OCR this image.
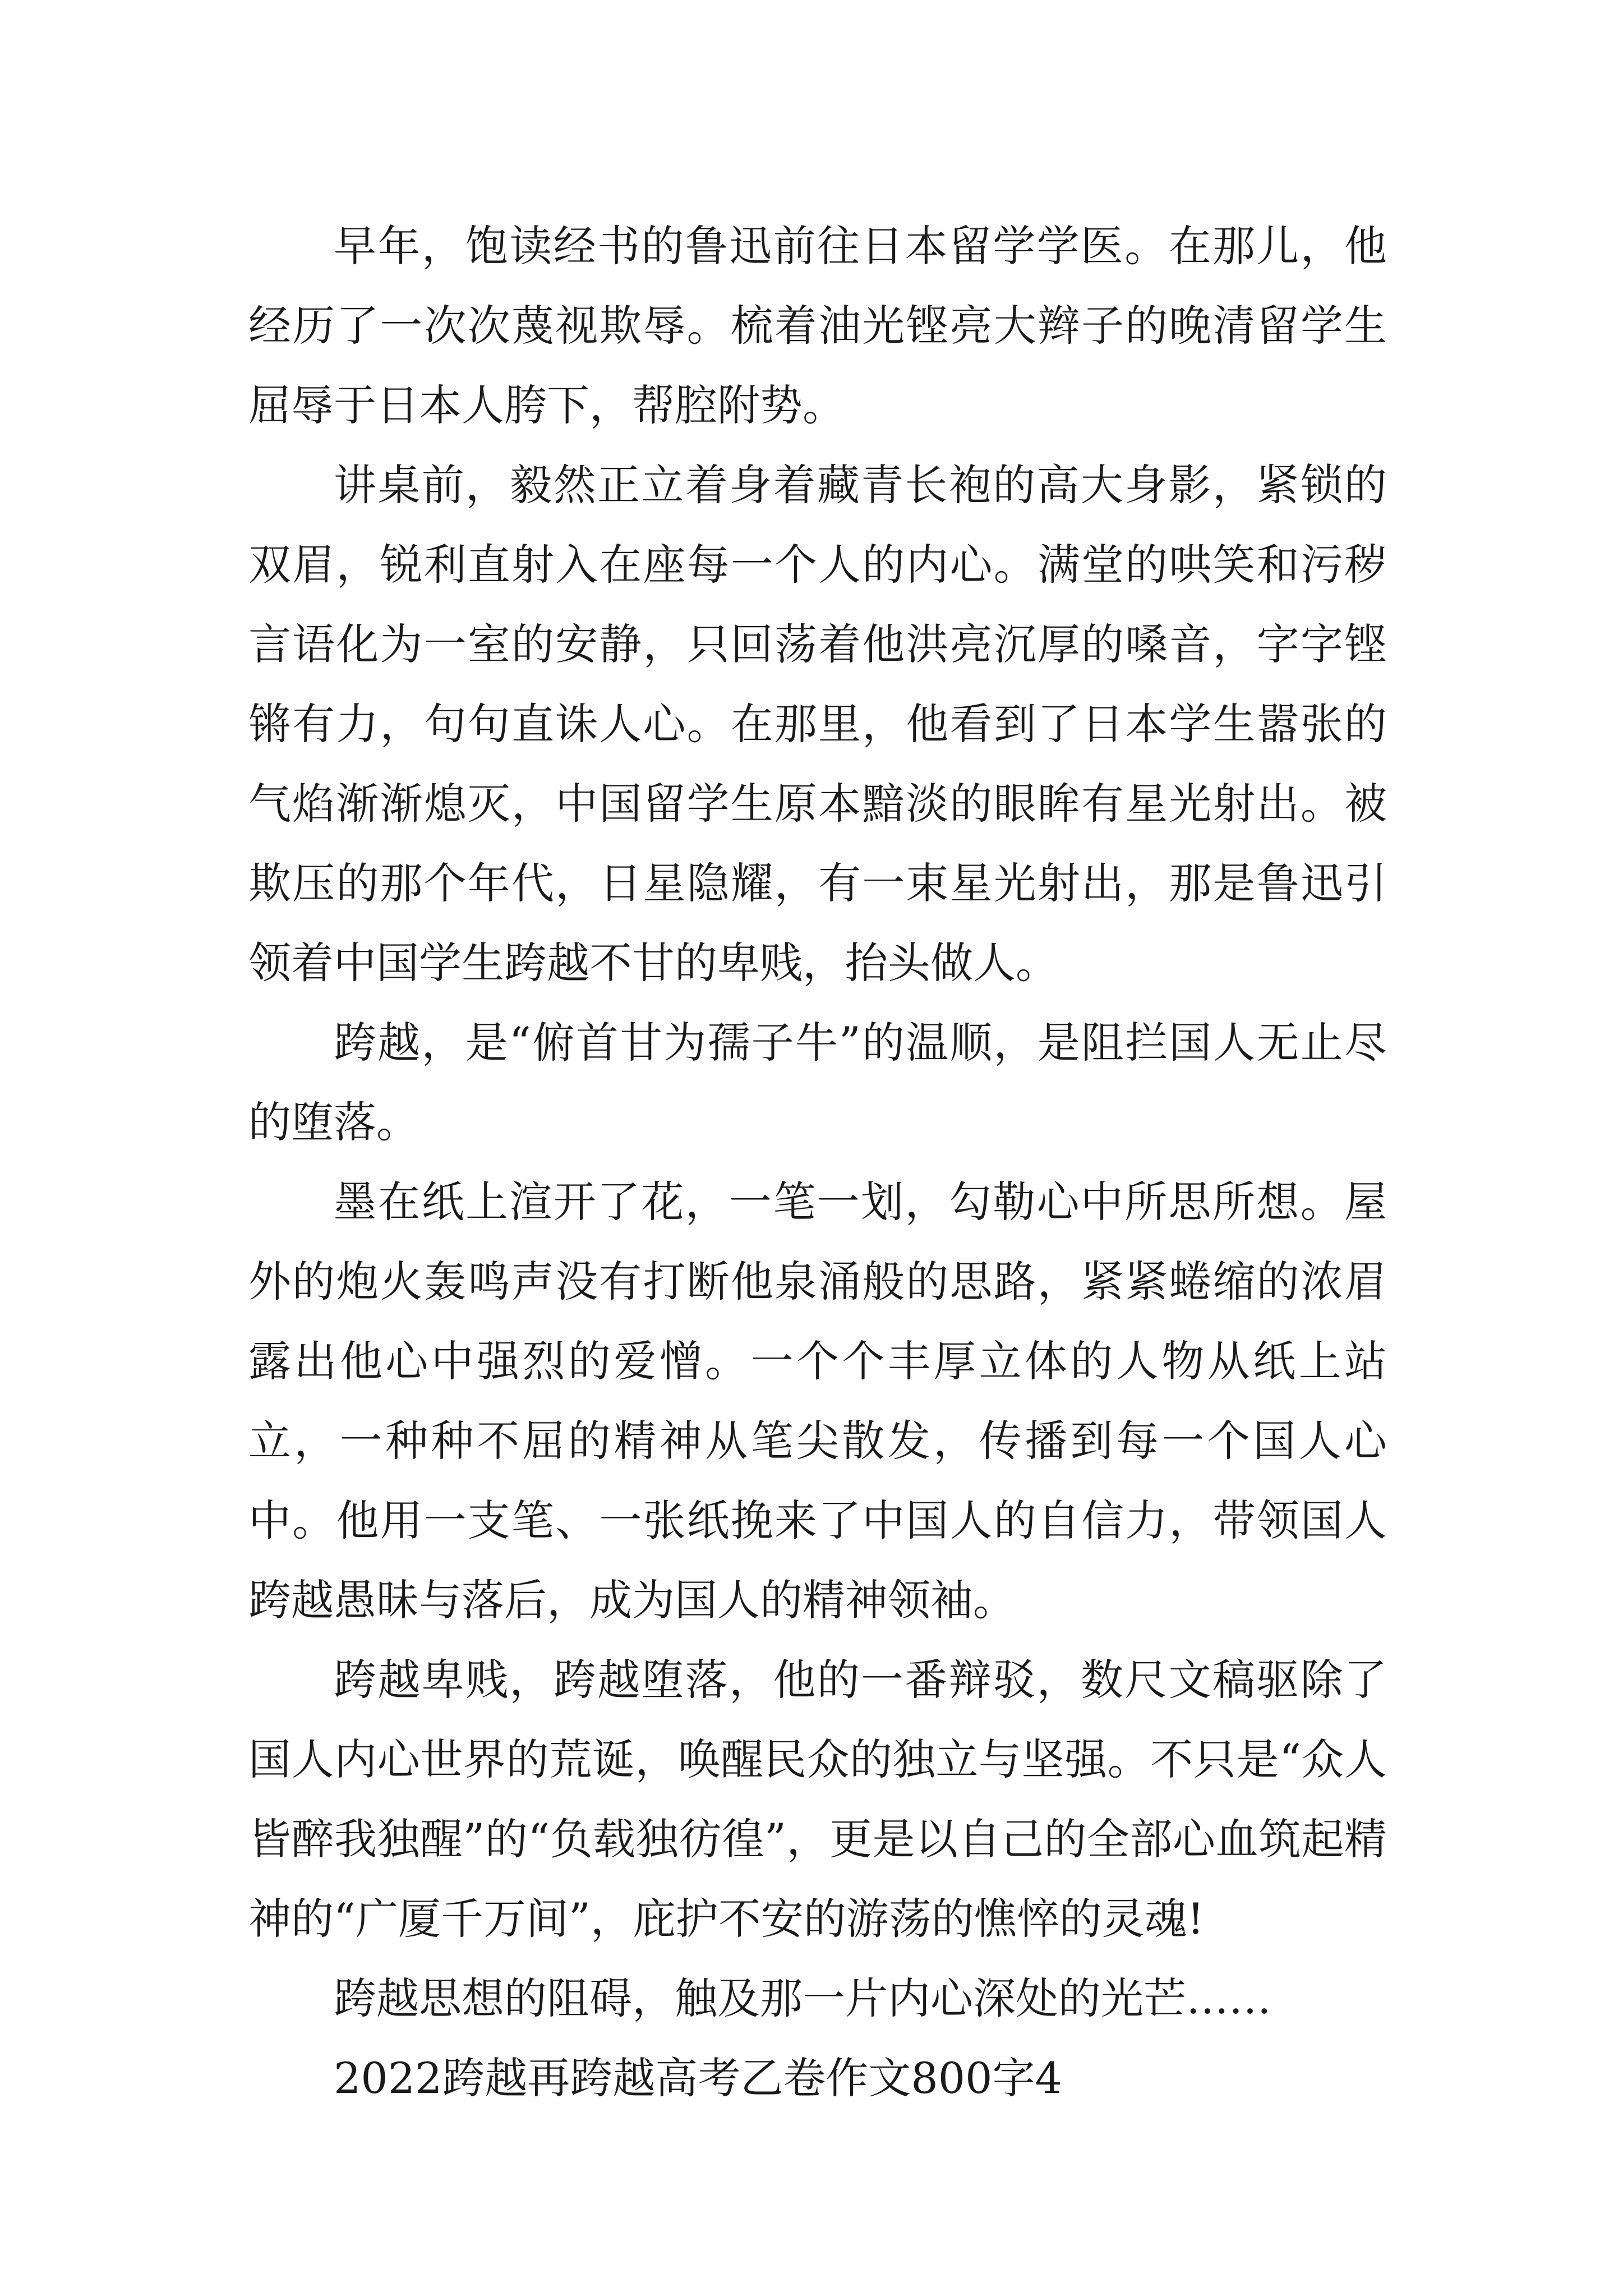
早年，饱读经书的鲁迅前往日本留学学医。在那儿，他经历了一次次蔑视欺辱。梳着油光铿亮大辫子的晚清留学生屈辱于日本人胯下，帮腔附势。

讲桌前，毅然正立着身着藏青长袍的高大身影，紧锁的双眉，锐利直射入在座每一个人的内心。满堂的哄笑和污秽言语化为一室的安静，只回荡着他洪亮沉厚的嗓音，字字铿锵有力，句句直诛人心。在那里，他看到了日本学生嚣张的气焰渐渐熄灭，中国留学生原本黯淡的眼眸有星光射出。被欺压的那个年代，日星隐耀，有一束星光射出，那是鲁迅引领着中国学生跨越不甘的卑贱，抬头做人。

跨越，是“俯首甘为孺子牛”的温顺，是阻拦国人无止尽的堕落。

墨在纸上渲开了花，一笔一划，勾勒心中所思所想。屋外的炮火轰鸣声没有打断他泉涌般的思路，紧紧蜷缩的浓眉露出他心中强烈的爱憎。一个个丰厚立体的人物从纸上站立，一种种不屈的精神从笔尖散发，传播到每一个国人心中。他用一支笔、一张纸挽来了中国人的自信力，带领国人跨越愚昧与落后，成为国人的精神领袖。

跨越卑贱，跨越堕落，他的一番辩驳，数尺文稿驱除了国人内心世界的荒诞，唤醒民众的独立与坚强。不只是“众人皆醉我独醒”的“负载独彷徨”，更是以自己的全部心血筑起精神的“广厦千万间”，庇护不安的游荡的憔悴的灵魂!

跨越思想的阻碍，触及那一片内心深处的光芒……

2022跨越再跨越高考乙卷作文800字4
